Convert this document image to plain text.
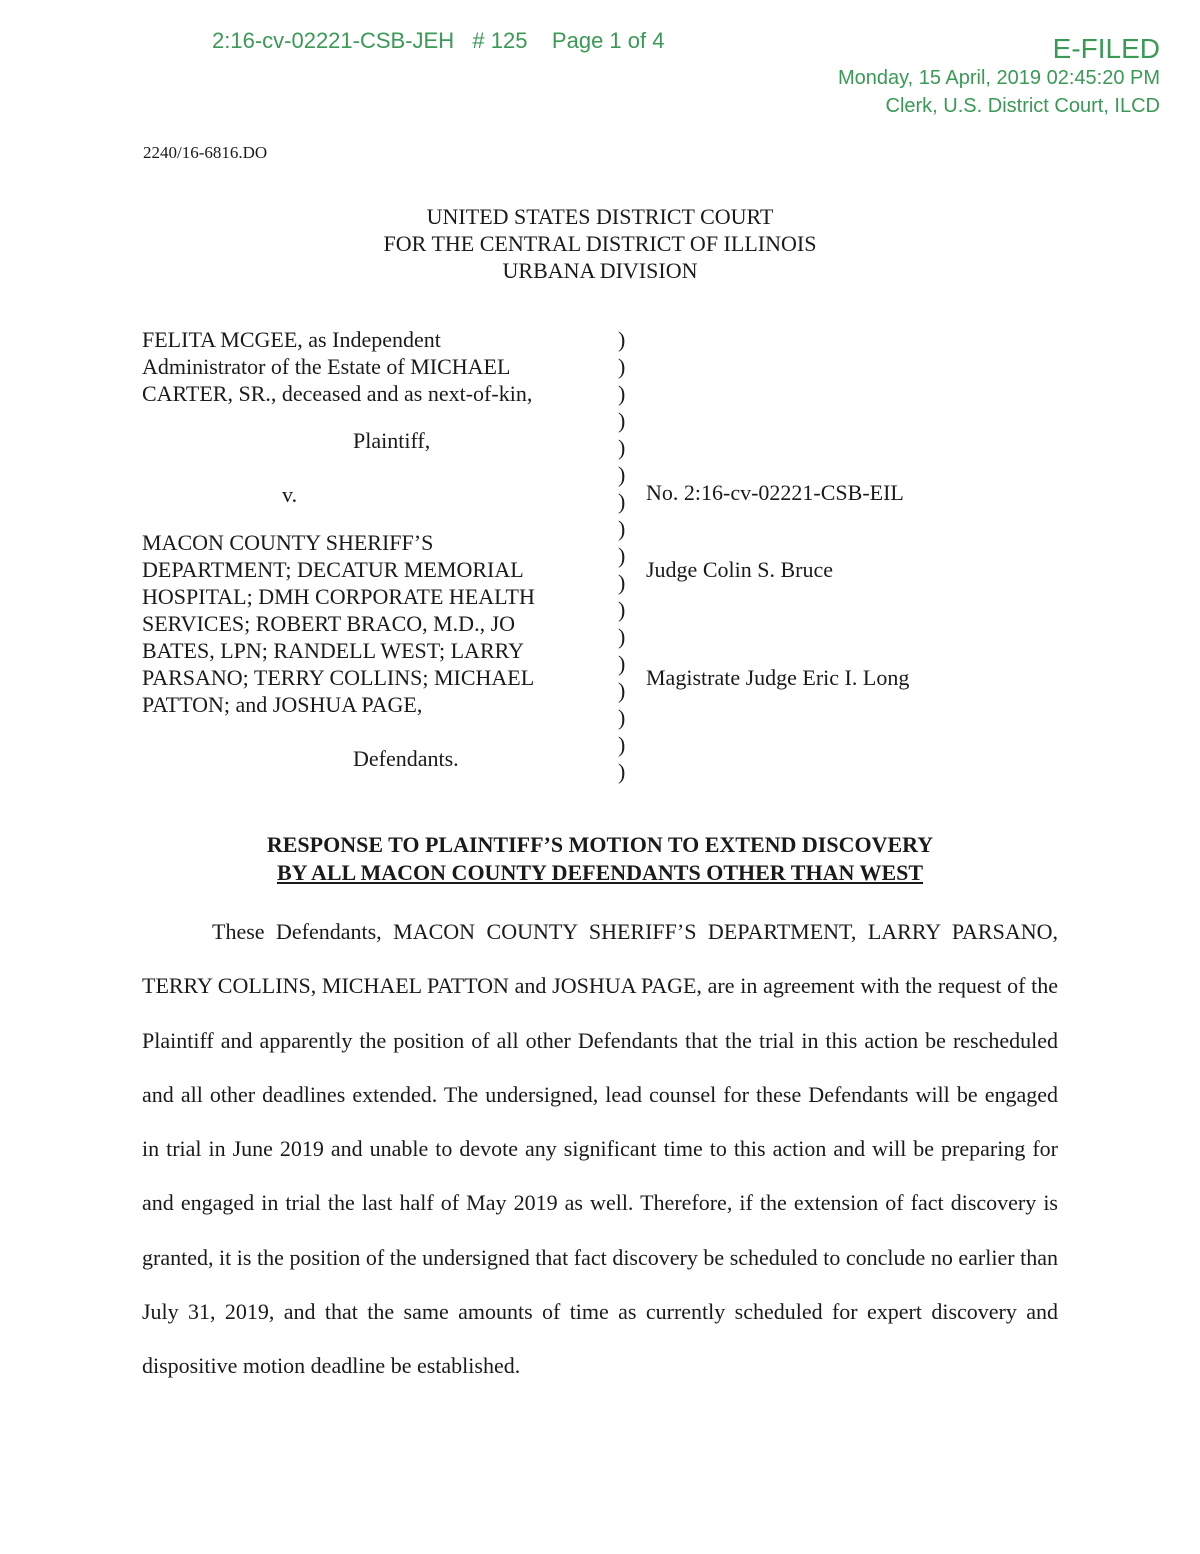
2:16-cv-02221-CSB-JEH   # 125    Page 1 of 4	E-FILED
Monday, 15 April, 2019 02:45:20 PM
Clerk, U.S. District Court, ILCD
2240/16-6816.DO
UNITED STATES DISTRICT COURT
FOR THE CENTRAL DISTRICT OF ILLINOIS
URBANA DIVISION
FELITA MCGEE, as Independent
Administrator of the Estate of MICHAEL
CARTER, SR., deceased and as next-of-kin,
Plaintiff,
v.
MACON COUNTY SHERIFF’S
DEPARTMENT; DECATUR MEMORIAL
HOSPITAL; DMH CORPORATE HEALTH
SERVICES; ROBERT BRACO, M.D., JO
BATES, LPN; RANDELL WEST; LARRY
PARSANO; TERRY COLLINS; MICHAEL
PATTON; and JOSHUA PAGE,
Defendants.
)
)
)
)
)
)
)
)
)
)
)
)
)
)
)
)
)
No. 2:16-cv-02221-CSB-EIL
Judge Colin S. Bruce
Magistrate Judge Eric I. Long
RESPONSE TO PLAINTIFF’S MOTION TO EXTEND DISCOVERY
BY ALL MACON COUNTY DEFENDANTS OTHER THAN WEST

These Defendants, MACON COUNTY SHERIFF’S DEPARTMENT, LARRY PARSANO, TERRY COLLINS, MICHAEL PATTON and JOSHUA PAGE, are in agreement with the request of the Plaintiff and apparently the position of all other Defendants that the trial in this action be rescheduled and all other deadlines extended. The undersigned, lead counsel for these Defendants will be engaged in trial in June 2019 and unable to devote any significant time to this action and will be preparing for and engaged in trial the last half of May 2019 as well. Therefore, if the extension of fact discovery is granted, it is the position of the undersigned that fact discovery be scheduled to conclude no earlier than July 31, 2019, and that the same amounts of time as currently scheduled for expert discovery and dispositive motion deadline be established.
